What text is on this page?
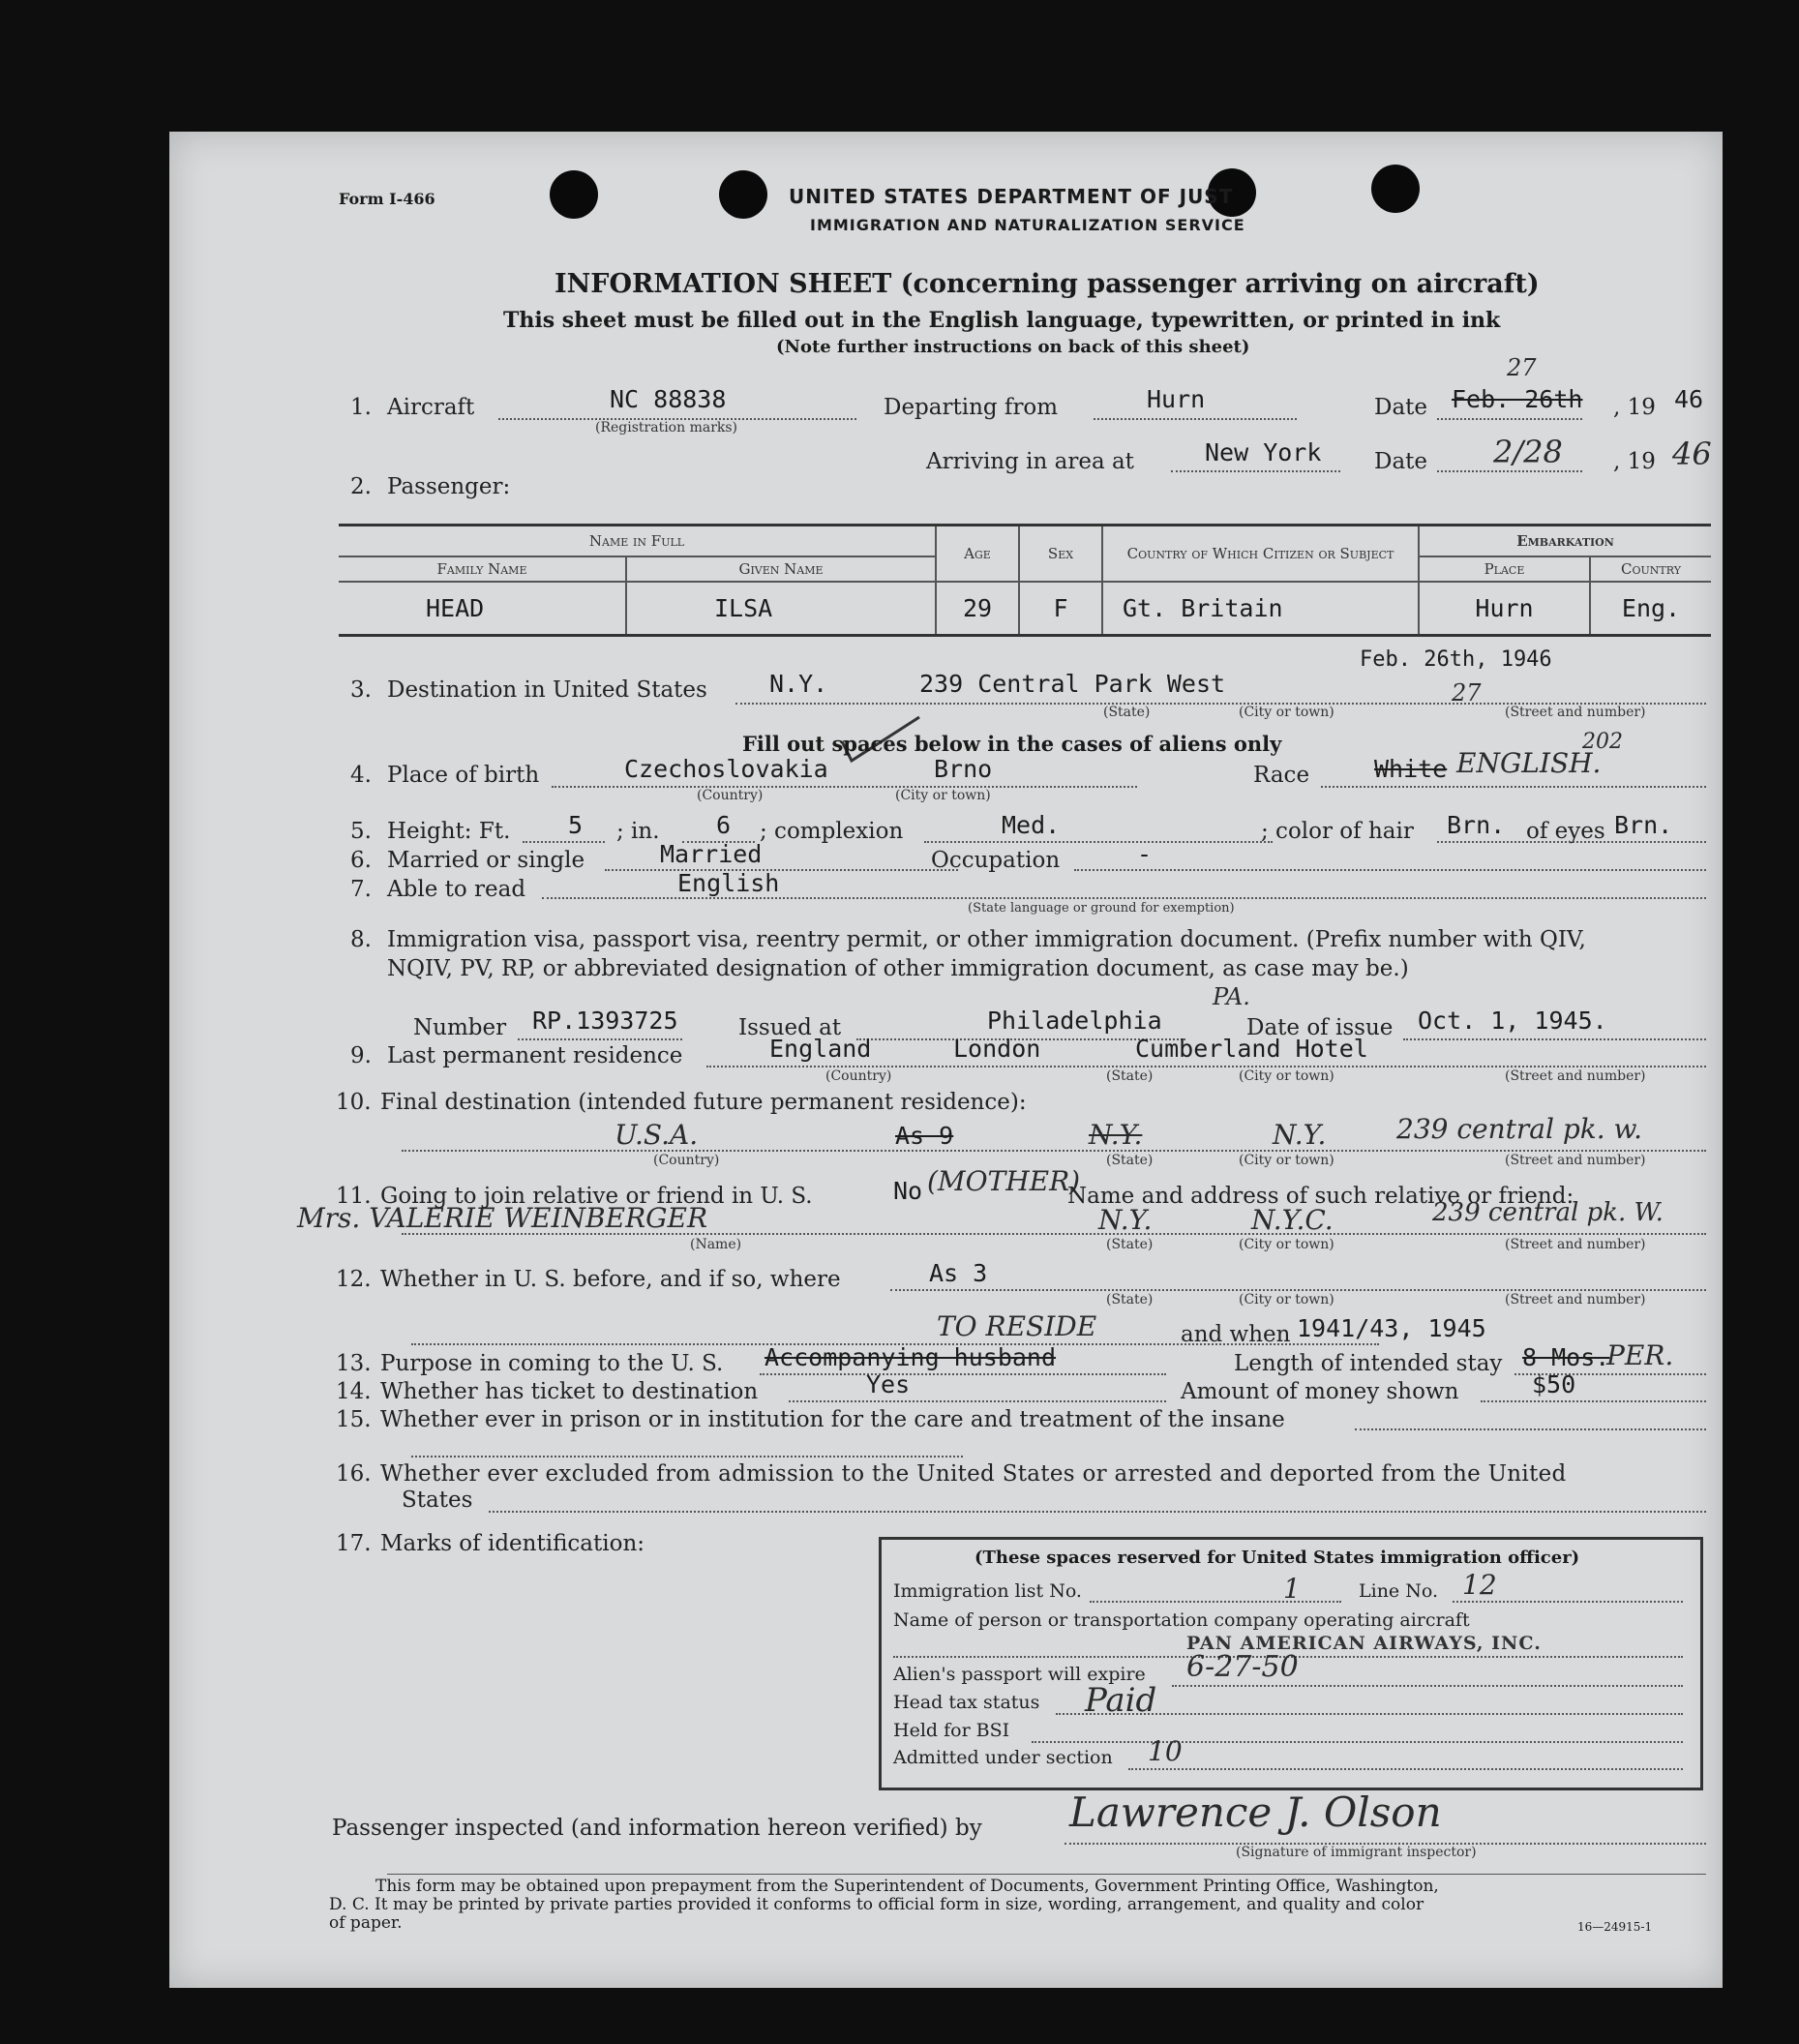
Form I-466	UNITED STATES DEPARTMENT OF JUST
IMMIGRATION AND NATURALIZATION SERVICE
INFORMATION SHEET (concerning passenger arriving on aircraft)
This sheet must be filled out in the English language, typewritten, or printed in ink
(Note further instructions on back of this sheet)
1. Aircraft	NC 88838
(Registration marks)
Departing from	Hurn	Date Feb. 26th
27
, 19 46
Arriving in area at	New York Date 2/28 , 19 46
2. Passenger:
Name in Full		Age	Sex	Country of Which Citizen or Subject	Embarkation	
Family Name	Given Name				Place	Country
HEAD	ILSA	29	F	Gt. Britain	Hurn	Eng.
3. Destination in United States	N.Y.	239 Central Park West
(State)	(City or town)	(Street and number)
Feb. 26th, 1946
27
Fill out spaces below in the cases of aliens only
4. Place of birth	Czechoslovakia	Brno
(Country)	(City or town)
Race	White ENGLISH.
202
5. Height: Ft. 5 ; in. 6 ; complexion	Med.	; color of hair Brn. of eyes Brn.
6. Married or single	Married	Occupation	-
7. Able to read	English
(State language or ground for exemption)
8. Immigration visa, passport visa, reentry permit, or other immigration document. (Prefix number with QIV,
NQIV, PV, RP, or abbreviated designation of other immigration document, as case may be.)
Number RP.1393725	Issued at	Philadelphia
PA.
Date of issue Oct. 1, 1945.
9. Last permanent residence	England	London	Cumberland Hotel
(Country)	(State)	(City or town)	(Street and number)
10. Final destination (intended future permanent residence):
U.S.A.	As 9	N.Y.	N.Y.	239 central pk. w.
(Country)	(State)	(City or town)	(Street and number)
11. Going to join relative or friend in U. S.	No (MOTHER)
Name and address of such relative or friend:
Mrs. VALERIE WEINBERGER	N.Y.	N.Y.C.	239 central pk. W.
(Name)	(State)	(City or town)	(Street and number)
12. Whether in U. S. before, and if so, where	As 3
(State)	(City or town)	(Street and number)
TO RESIDE	and when 1941/43, 1945
13. Purpose in coming to the U. S. Accompanying husband	Length of intended stay 8 Mos.
PER.
14. Whether has ticket to destination	Yes	Amount of money shown	$50
15. Whether ever in prison or in institution for the care and treatment of the insane
16. Whether ever excluded from admission to the United States or arrested and deported from the United
States
17. Marks of identification:
(These spaces reserved for United States immigration officer)
Immigration list No.	1	Line No. 12
Name of person or transportation company operating aircraft
PAN AMERICAN AIRWAYS, INC.
Alien's passport will expire 6-27-50
Head tax status Paid
Held for BSI
Admitted under section 10
Passenger inspected (and information hereon verified) by Lawrence J. Olson
(Signature of immigrant inspector)
This form may be obtained upon prepayment from the Superintendent of Documents, Government Printing Office, Washington,
D. C. It may be printed by private parties provided it conforms to official form in size, wording, arrangement, and quality and color
of paper.	16—24915-1
